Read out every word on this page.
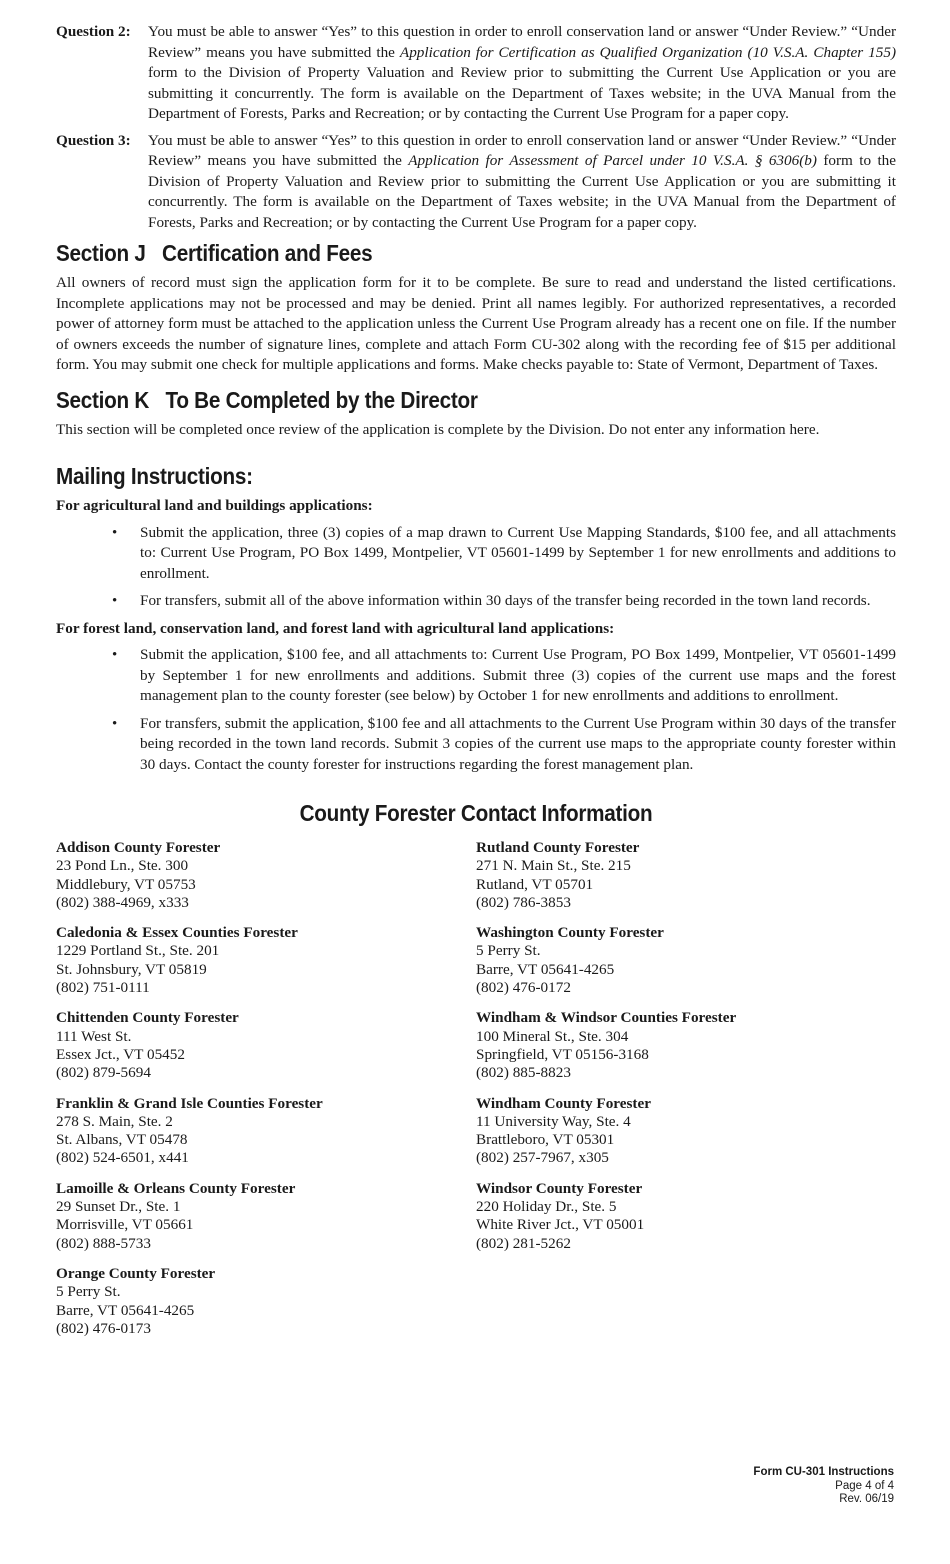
Question 2:	You must be able to answer “Yes” to this question in order to enroll conservation land or answer “Under Review.” “Under Review” means you have submitted the Application for Certification as Qualified Organization (10 V.S.A. Chapter 155) form to the Division of Property Valuation and Review prior to submitting the Current Use Application or you are submitting it concurrently. The form is available on the Department of Taxes website; in the UVA Manual from the Department of Forests, Parks and Recreation; or by contacting the Current Use Program for a paper copy.
Question 3:	You must be able to answer “Yes” to this question in order to enroll conservation land or answer “Under Review.” “Under Review” means you have submitted the Application for Assessment of Parcel under 10 V.S.A. § 6306(b) form to the Division of Property Valuation and Review prior to submitting the Current Use Application or you are submitting it concurrently. The form is available on the Department of Taxes website; in the UVA Manual from the Department of Forests, Parks and Recreation; or by contacting the Current Use Program for a paper copy.
Section J   Certification and Fees

All owners of record must sign the application form for it to be complete. Be sure to read and understand the listed certifications. Incomplete applications may not be processed and may be denied. Print all names legibly. For authorized representatives, a recorded power of attorney form must be attached to the application unless the Current Use Program already has a recent one on file. If the number of owners exceeds the number of signature lines, complete and attach Form CU-302 along with the recording fee of $15 per additional form. You may submit one check for multiple applications and forms. Make checks payable to: State of Vermont, Department of Taxes.

Section K   To Be Completed by the Director

This section will be completed once review of the application is complete by the Division. Do not enter any information here.

Mailing Instructions:
For agricultural land and buildings applications:
• Submit the application, three (3) copies of a map drawn to Current Use Mapping Standards, $100 fee, and all attachments to: Current Use Program, PO Box 1499, Montpelier, VT 05601-1499 by September 1 for new enrollments and additions to enrollment.
• For transfers, submit all of the above information within 30 days of the transfer being recorded in the town land records.
For forest land, conservation land, and forest land with agricultural land applications:
• Submit the application, $100 fee, and all attachments to: Current Use Program, PO Box 1499, Montpelier, VT 05601-1499 by September 1 for new enrollments and additions. Submit three (3) copies of the current use maps and the forest management plan to the county forester (see below) by October 1 for new enrollments and additions to enrollment.
• For transfers, submit the application, $100 fee and all attachments to the Current Use Program within 30 days of the transfer being recorded in the town land records. Submit 3 copies of the current use maps to the appropriate county forester within 30 days. Contact the county forester for instructions regarding the forest management plan.
County Forester Contact Information
Addison County Forester
23 Pond Ln., Ste. 300
Middlebury, VT 05753
(802) 388-4969, x333
Caledonia & Essex Counties Forester
1229 Portland St., Ste. 201
St. Johnsbury, VT 05819
(802) 751-0111
Chittenden County Forester
111 West St.
Essex Jct., VT 05452
(802) 879-5694
Franklin & Grand Isle Counties Forester
278 S. Main, Ste. 2
St. Albans, VT 05478
(802) 524-6501, x441
Lamoille & Orleans County Forester
29 Sunset Dr., Ste. 1
Morrisville, VT 05661
(802) 888-5733
Orange County Forester
5 Perry St.
Barre, VT 05641-4265
(802) 476-0173
Rutland County Forester
271 N. Main St., Ste. 215
Rutland, VT 05701
(802) 786-3853
Washington County Forester
5 Perry St.
Barre, VT 05641-4265
(802) 476-0172
Windham & Windsor Counties Forester
100 Mineral St., Ste. 304
Springfield, VT 05156-3168
(802) 885-8823
Windham County Forester
11 University Way, Ste. 4
Brattleboro, VT 05301
(802) 257-7967, x305
Windsor County Forester
220 Holiday Dr., Ste. 5
White River Jct., VT 05001
(802) 281-5262
Form CU-301 Instructions
Page 4 of 4
Rev. 06/19
